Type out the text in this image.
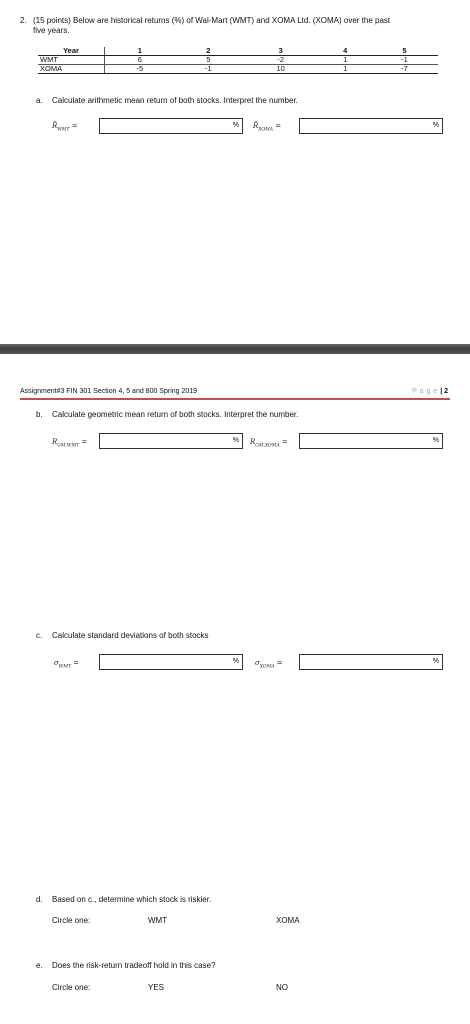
2. (15 points) Below are historical returns (%) of Wal-Mart (WMT) and XOMA Ltd. (XOMA) over the past
five years.
Year	1	2	3	4	5
WMT	6	5	-2	1	-1
XOMA	-5	-1	10	1	-7
a. Calculate arithmetic mean return of both stocks. Interpret the number.
$R̄_{WMT}$ =	% $R̄_{XOMA}$ =	%
Assignment#3 FIN 301 Section 4, 5 and 800 Spring 2019	P a g e | 2
b. Calculate geometric mean return of both stocks. Interpret the number.
$R_{GM,WMT}$ =	% $R_{GM,XOMA}$ =	%
c. Calculate standard deviations of both stocks
$\sigma_{WMT}$ =	% $\sigma_{XOMA}$ =	%
d. Based on c., determine which stock is riskier.
Circle one:	WMT	XOMA
e. Does the risk-return tradeoff hold in this case?
Circle one:	YES	NO
